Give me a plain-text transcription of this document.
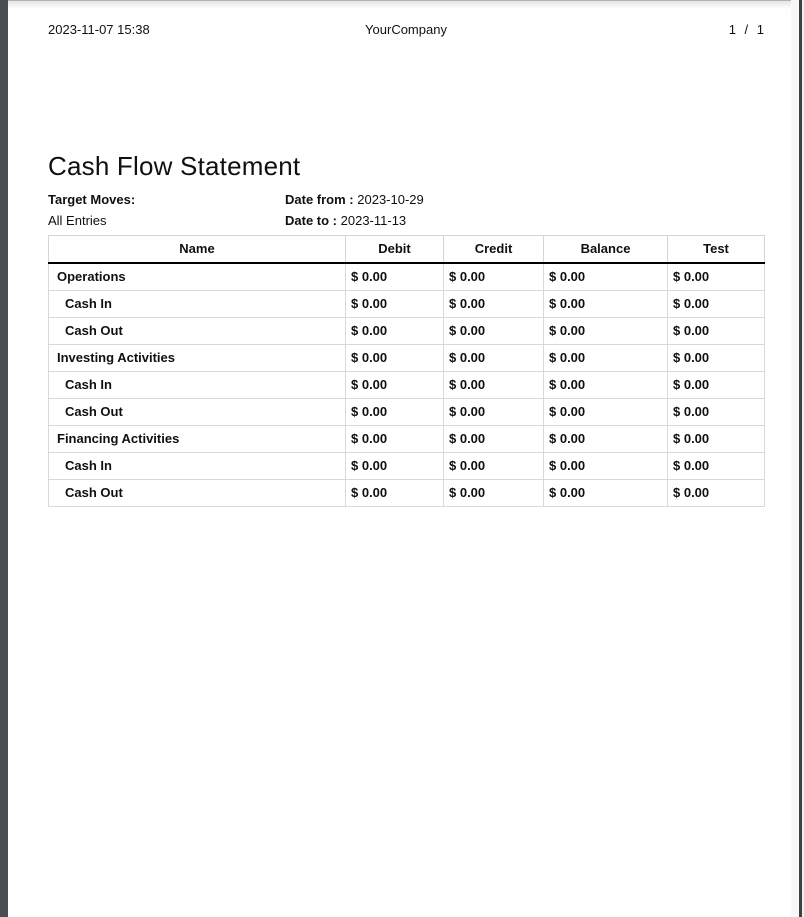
2023-11-07 15:38	YourCompany	1 / 1
Cash Flow Statement
Target Moves:
All Entries
Date from : 2023-10-29
Date to : 2023-11-13
Name	Debit	Credit	Balance	Test
Operations	$ 0.00	$ 0.00	$ 0.00	$ 0.00
Cash In	$ 0.00	$ 0.00	$ 0.00	$ 0.00
Cash Out	$ 0.00	$ 0.00	$ 0.00	$ 0.00
Investing Activities	$ 0.00	$ 0.00	$ 0.00	$ 0.00
Cash In	$ 0.00	$ 0.00	$ 0.00	$ 0.00
Cash Out	$ 0.00	$ 0.00	$ 0.00	$ 0.00
Financing Activities	$ 0.00	$ 0.00	$ 0.00	$ 0.00
Cash In	$ 0.00	$ 0.00	$ 0.00	$ 0.00
Cash Out	$ 0.00	$ 0.00	$ 0.00	$ 0.00
